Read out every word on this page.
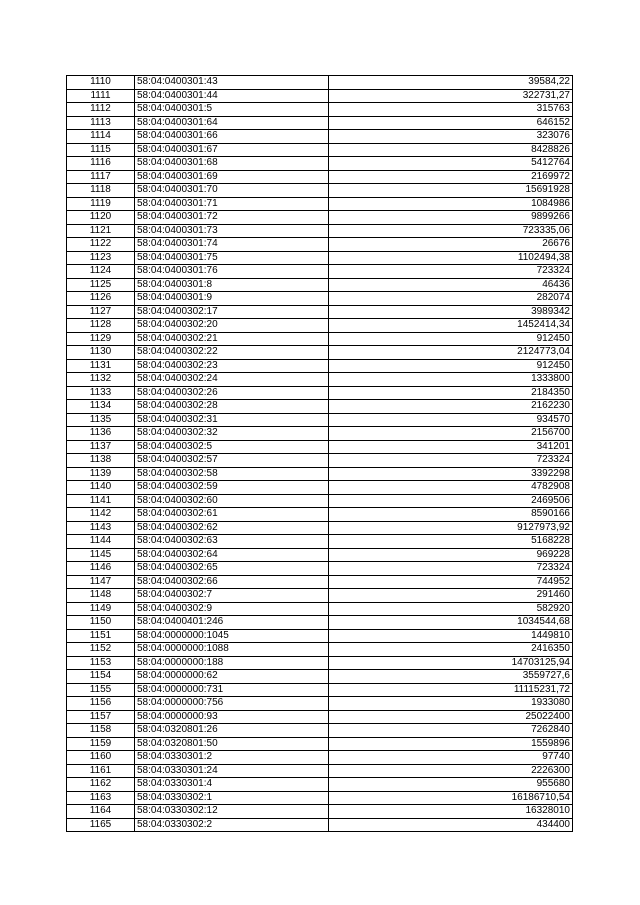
1110	58:04:0400301:43	39584,22
1111	58:04:0400301:44	322731,27
1112	58:04:0400301:5	315763
1113	58:04:0400301:64	646152
1114	58:04:0400301:66	323076
1115	58:04:0400301:67	8428826
1116	58:04:0400301:68	5412764
1117	58:04:0400301:69	2169972
1118	58:04:0400301:70	15691928
1119	58:04:0400301:71	1084986
1120	58:04:0400301:72	9899266
1121	58:04:0400301:73	723335,06
1122	58:04:0400301:74	26676
1123	58:04:0400301:75	1102494,38
1124	58:04:0400301:76	723324
1125	58:04:0400301:8	46436
1126	58:04:0400301:9	282074
1127	58:04:0400302:17	3989342
1128	58:04:0400302:20	1452414,34
1129	58:04:0400302:21	912450
1130	58:04:0400302:22	2124773,04
1131	58:04:0400302:23	912450
1132	58:04:0400302:24	1333800
1133	58:04:0400302:26	2184350
1134	58:04:0400302:28	2162230
1135	58:04:0400302:31	934570
1136	58:04:0400302:32	2156700
1137	58:04:0400302:5	341201
1138	58:04:0400302:57	723324
1139	58:04:0400302:58	3392298
1140	58:04:0400302:59	4782908
1141	58:04:0400302:60	2469506
1142	58:04:0400302:61	8590166
1143	58:04:0400302:62	9127973,92
1144	58:04:0400302:63	5168228
1145	58:04:0400302:64	969228
1146	58:04:0400302:65	723324
1147	58:04:0400302:66	744952
1148	58:04:0400302:7	291460
1149	58:04:0400302:9	582920
1150	58:04:0400401:246	1034544,68
1151	58:04:0000000:1045	1449810
1152	58:04:0000000:1088	2416350
1153	58:04:0000000:188	14703125,94
1154	58:04:0000000:62	3559727,6
1155	58:04:0000000:731	11115231,72
1156	58:04:0000000:756	1933080
1157	58:04:0000000:93	25022400
1158	58:04:0320801:26	7262840
1159	58:04:0320801:50	1559896
1160	58:04:0330301:2	97740
1161	58:04:0330301:24	2226300
1162	58:04:0330301:4	955680
1163	58:04:0330302:1	16186710,54
1164	58:04:0330302:12	16328010
1165	58:04:0330302:2	434400
